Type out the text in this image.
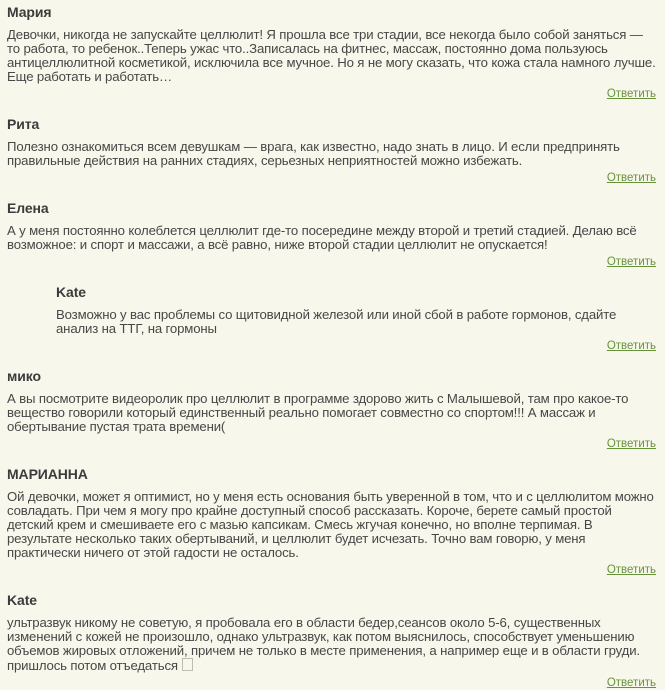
Мария
Девочки, никогда не запускайте целлюлит! Я прошла все три стадии, все некогда было собой заняться — то работа, то ребенок..Теперь ужас что..Записалась на фитнес, массаж, постоянно дома пользуюсь антицеллюлитной косметикой, исключила все мучное. Но я не могу сказать, что кожа стала намного лучше. Еще работать и работать…
Ответить
Рита
Полезно ознакомиться всем девушкам — врага, как известно, надо знать в лицо. И если предпринять правильные действия на ранних стадиях, серьезных неприятностей можно избежать.
Ответить
Елена
А у меня постоянно колеблется целлюлит где-то посередине между второй и третий стадией. Делаю всё возможное: и спорт и массажи, а всё равно, ниже второй стадии целлюлит не опускается!
Ответить
Kate
Возможно у вас проблемы со щитовидной железой или иной сбой в работе гормонов, сдайте анализ на ТТГ, на гормоны
Ответить
мико
А вы посмотрите видеоролик про целлюлит в программе здорово жить с Малышевой, там про какое-то вещество говорили который единственный реально помогает совместно со спортом!!! А массаж и обертывание пустая трата времени(
Ответить
МАРИАННА
Ой девочки, может я оптимист, но у меня есть основания быть уверенной в том, что и с целлюлитом можно совладать. При чем я могу про крайне доступный способ рассказать. Короче, берете самый простой детский крем и смешиваете его с мазью капсикам. Смесь жгучая конечно, но вполне терпимая. В результате несколько таких обертываний, и целлюлит будет исчезать. Точно вам говорю, у меня практически ничего от этой гадости не осталось.
Ответить
Kate
ультразвук никому не советую, я пробовала его в области бедер,сеансов около 5-6, существенных изменений с кожей не произошло, однако ультразвук, как потом выяснилось, способствует уменьшению объемов жировых отложений, причем не только в месте применения, а например еще и в области груди. пришлось потом отъедаться
Ответить
